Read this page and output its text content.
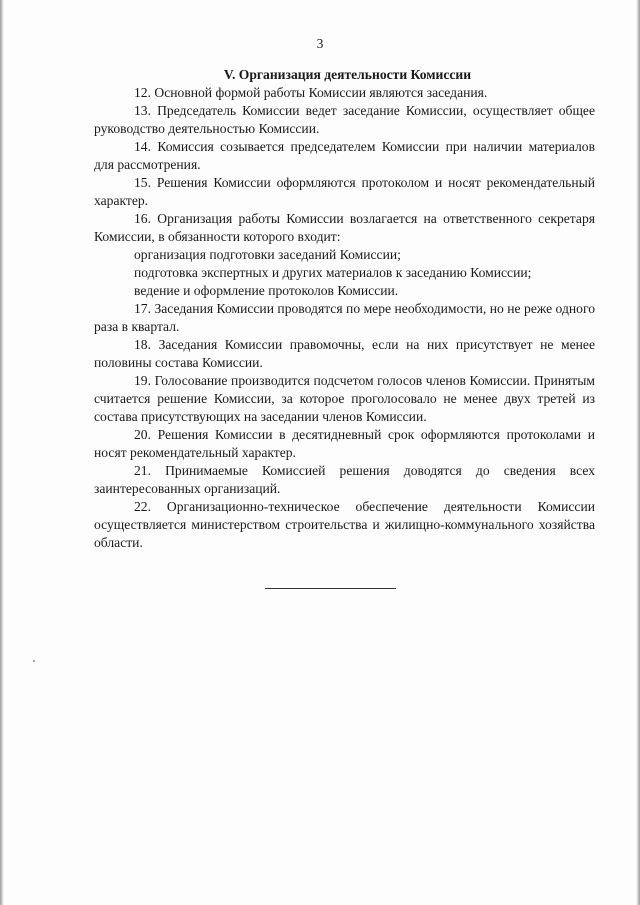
3

V. Организация деятельности Комиссии

12. Основной формой работы Комиссии являются заседания.

13. Председатель Комиссии ведет заседание Комиссии, осуществляет общее руководство деятельностью Комиссии.

14. Комиссия созывается председателем Комиссии при наличии материалов для рассмотрения.

15. Решения Комиссии оформляются протоколом и носят рекомендательный характер.

16. Организация работы Комиссии возлагается на ответственного секретаря Комиссии, в обязанности которого входит:

организация подготовки заседаний Комиссии;

подготовка экспертных и других материалов к заседанию Комиссии;

ведение и оформление протоколов Комиссии.

17. Заседания Комиссии проводятся по мере необходимости, но не реже одного раза в квартал.

18. Заседания Комиссии правомочны, если на них присутствует не менее половины состава Комиссии.

19. Голосование производится подсчетом голосов членов Комиссии. Принятым считается решение Комиссии, за которое проголосовало не менее двух третей из состава присутствующих на заседании членов Комиссии.

20. Решения Комиссии в десятидневный срок оформляются протоколами и носят рекомендательный характер.

21. Принимаемые Комиссией решения доводятся до сведения всех заинтересованных организаций.

22. Организационно-техническое обеспечение деятельности Комиссии осуществляется министерством строительства и жилищно-коммунального хозяйства области.
